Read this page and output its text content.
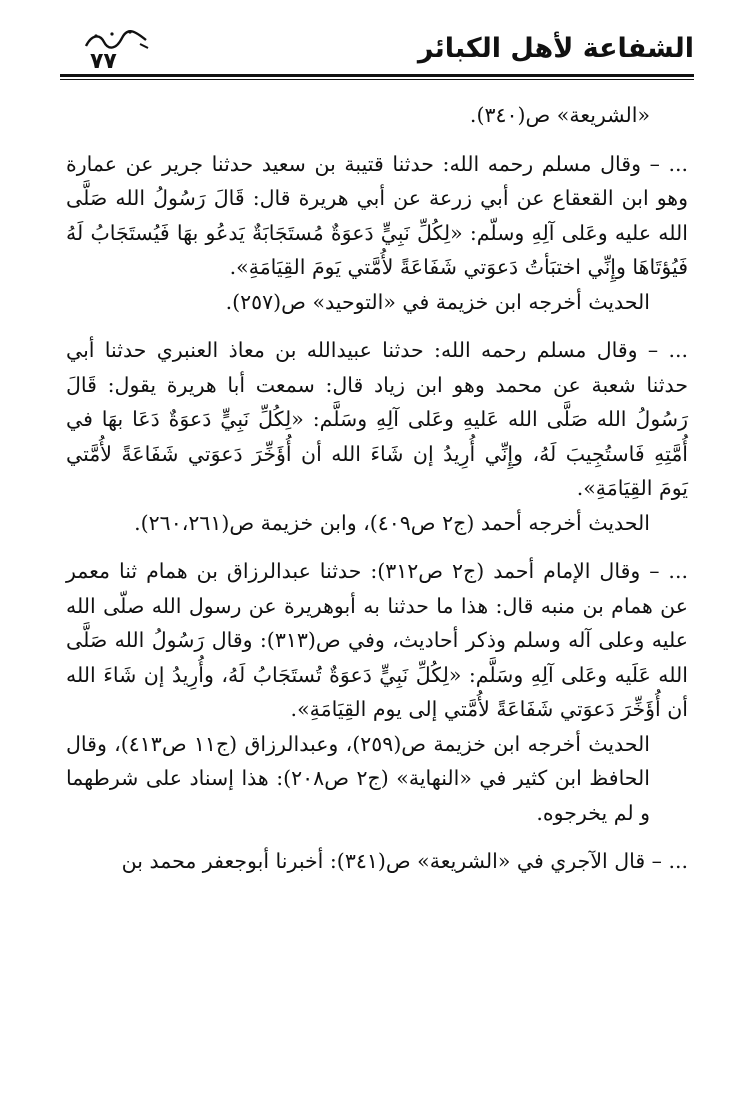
الشفاعة لأهل الكبائر
٧٧

«الشريعة» ص(٣٤٠).

... – وقال مسلم رحمه الله: حدثنا قتيبة بن سعيد حدثنا جرير عن عمارة وهو ابن القعقاع عن أبي زرعة عن أبي هريرة قال: قَالَ رَسُولُ الله صَلَّى الله عليه وعَلى آلِهِ وسلّم: «لِكُلِّ نَبِيٍّ دَعوَةٌ مُستَجَابَةٌ يَدعُو بهَا فَيُستَجَابُ لَهُ فَيُؤتَاهَا وإِنِّي اختبَأتُ دَعوَتي شَفَاعَةً لأُمَّتي يَومَ القِيَامَةِ».

الحديث أخرجه ابن خزيمة في «التوحيد» ص(٢٥٧).

... – وقال مسلم رحمه الله: حدثنا عبيدالله بن معاذ العنبري حدثنا أبي حدثنا شعبة عن محمد وهو ابن زياد قال: سمعت أبا هريرة يقول: قَالَ رَسُولُ الله صَلَّى الله عَليهِ وعَلى آلِهِ وسَلَّم: «لِكُلِّ نَبِيٍّ دَعوَةٌ دَعَا بهَا في أُمَّتِهِ فَاستُجِيبَ لَهُ، وإِنِّي أُرِيدُ إن شَاءَ الله أن أُؤَخِّرَ دَعوَتي شَفَاعَةً لأُمَّتي يَومَ القِيَامَةِ».

الحديث أخرجه أحمد (ج٢ ص٤٠٩)، وابن خزيمة ص(٢٦٠،٢٦١).

... – وقال الإمام أحمد (ج٢ ص٣١٢): حدثنا عبدالرزاق بن همام ثنا معمر عن همام بن منبه قال: هذا ما حدثنا به أبوهريرة عن رسول الله صلّى الله عليه وعلى آله وسلم وذكر أحاديث، وفي ص(٣١٣): وقال رَسُولُ الله صَلَّى الله عَلَيه وعَلى آلِهِ وسَلَّم: «لِكُلِّ نَبِيٍّ دَعوَةٌ تُستَجَابُ لَهُ، وأُرِيدُ إن شَاءَ الله أن أُؤَخِّرَ دَعوَتي شَفَاعَةً لأُمَّتي إلى يوم القِيَامَةِ».

الحديث أخرجه ابن خزيمة ص(٢٥٩)، وعبدالرزاق (ج١١ ص٤١٣)، وقال الحافظ ابن كثير في «النهاية» (ج٢ ص٢٠٨): هذا إسناد على شرطهما و لم يخرجوه.

... – قال الآجري في «الشريعة» ص(٣٤١): أخبرنا أبوجعفر محمد بن
